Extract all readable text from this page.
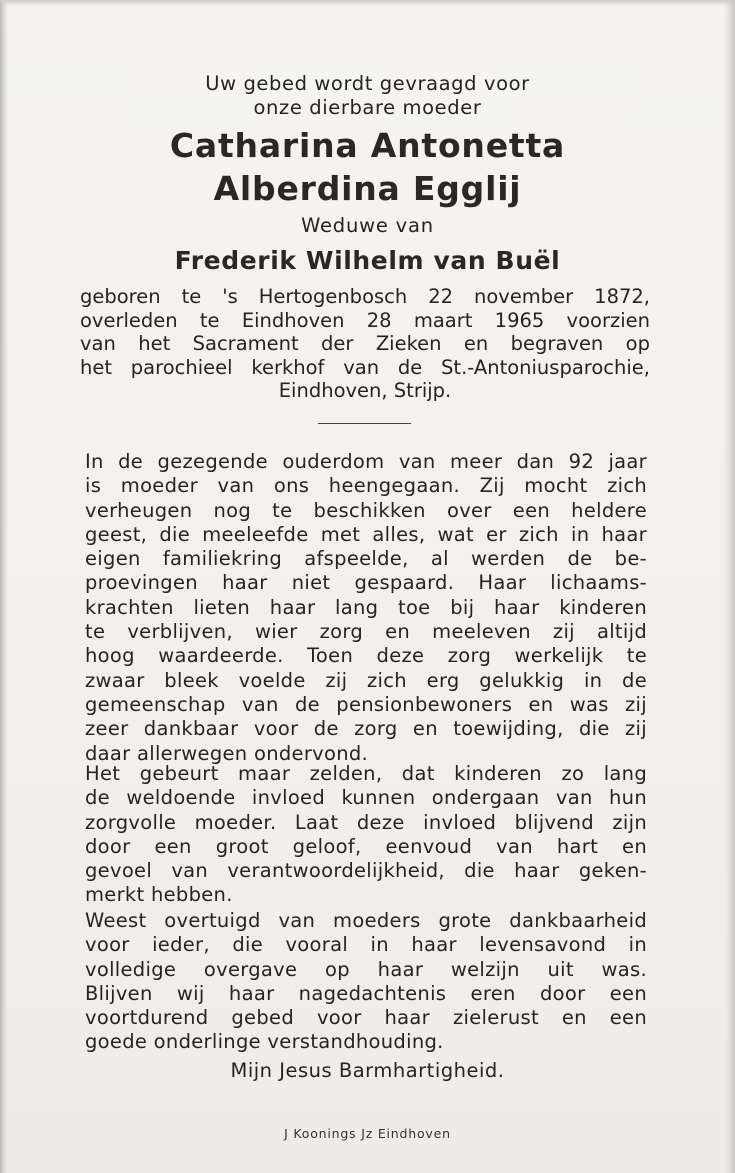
Uw gebed wordt gevraagd voor
onze dierbare moeder
Catharina Antonetta
Alberdina Egglij
Weduwe van
Frederik Wilhelm van Buël
geboren te 's Hertogenbosch 22 november 1872,
overleden te Eindhoven 28 maart 1965 voorzien
van het Sacrament der Zieken en begraven op
het parochieel kerkhof van de St.-Antoniusparochie,
Eindhoven, Strijp.
In de gezegende ouderdom van meer dan 92 jaar
is moeder van ons heengegaan. Zij mocht zich
verheugen nog te beschikken over een heldere
geest, die meeleefde met alles, wat er zich in haar
eigen familiekring afspeelde, al werden de be-
proevingen haar niet gespaard. Haar lichaams-
krachten lieten haar lang toe bij haar kinderen
te verblijven, wier zorg en meeleven zij altijd
hoog waardeerde. Toen deze zorg werkelijk te
zwaar bleek voelde zij zich erg gelukkig in de
gemeenschap van de pensionbewoners en was zij
zeer dankbaar voor de zorg en toewijding, die zij
daar allerwegen ondervond.
Het gebeurt maar zelden, dat kinderen zo lang
de weldoende invloed kunnen ondergaan van hun
zorgvolle moeder. Laat deze invloed blijvend zijn
door een groot geloof, eenvoud van hart en
gevoel van verantwoordelijkheid, die haar geken-
merkt hebben.
Weest overtuigd van moeders grote dankbaarheid
voor ieder, die vooral in haar levensavond in
volledige overgave op haar welzijn uit was.
Blijven wij haar nagedachtenis eren door een
voortdurend gebed voor haar zielerust en een
goede onderlinge verstandhouding.
Mijn Jesus Barmhartigheid.
J Koonings Jz Eindhoven
